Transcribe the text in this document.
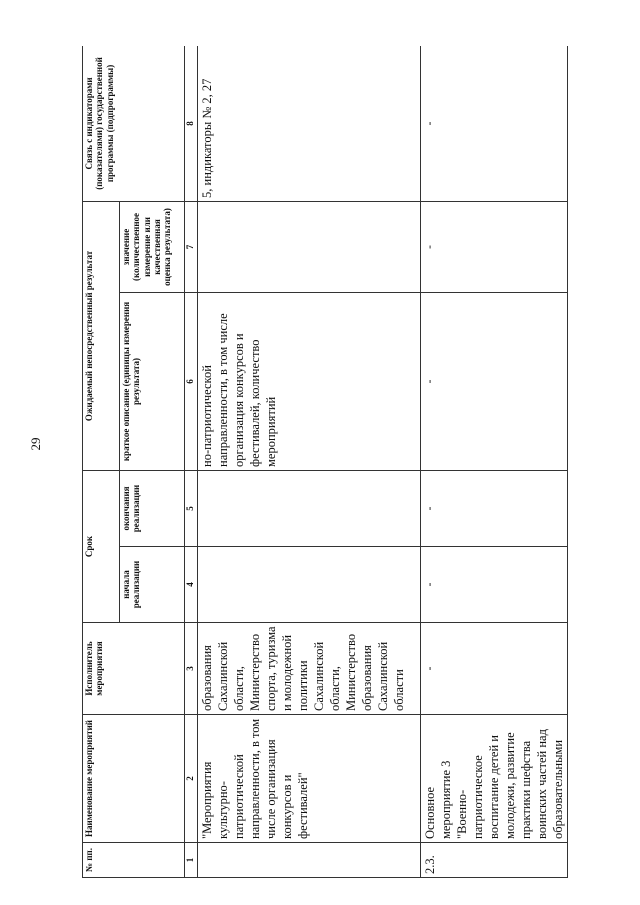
29
№ пп.	Наименование мероприятий	Исполнитель мероприятия	Срок		Ожидаемый непосредственный результат		Связь с индикаторами (показателями) государственной программы (подпрограммы)
			начала реализации	окончания реализации	краткое описание (единицы измерения результата)	значение (количественное измерение или качественная оценка результата)	
1	2	3	4	5	6	7	8
	"Мероприятия культурно-патриотической направленности, в том числе организация конкурсов и фестивалей"	образования Сахалинской области, Министерство спорта, туризма и молодежной политики Сахалинской области, Министерство образования Сахалинской области			но-патриотической направленности, в том числе организация конкурсов и фестивалей, количество мероприятий		5, индикаторы № 2, 27
2.3.	Основное мероприятие 3 "Военно-патриотическое воспитание детей и молодежи, развитие практики шефства воинских частей над образовательными	-	-	-	-	-	-
